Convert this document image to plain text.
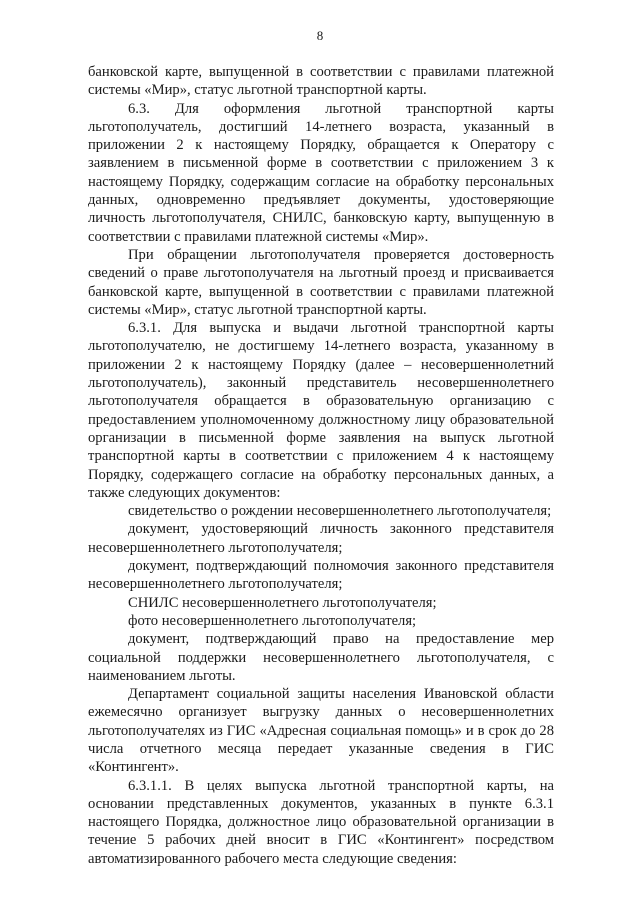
8

банковской карте, выпущенной в соответствии с правилами платежной системы «Мир», статус льготной транспортной карты.

6.3. Для оформления льготной транспортной карты льготополучатель, достигший 14-летнего возраста, указанный в приложении 2 к настоящему Порядку, обращается к Оператору с заявлением в письменной форме в соответствии с приложением 3 к настоящему Порядку, содержащим согласие на обработку персональных данных, одновременно предъявляет документы, удостоверяющие личность льготополучателя, СНИЛС, банковскую карту, выпущенную в соответствии с правилами платежной системы «Мир».

При обращении льготополучателя проверяется достоверность сведений о праве льготополучателя на льготный проезд и присваивается банковской карте, выпущенной в соответствии с правилами платежной системы «Мир», статус льготной транспортной карты.

6.3.1. Для выпуска и выдачи льготной транспортной карты льготополучателю, не достигшему 14-летнего возраста, указанному в приложении 2 к настоящему Порядку (далее – несовершеннолетний льготополучатель), законный представитель несовершеннолетнего льготополучателя обращается в образовательную организацию с предоставлением уполномоченному должностному лицу образовательной организации в письменной форме заявления на выпуск льготной транспортной карты в соответствии с приложением 4 к настоящему Порядку, содержащего согласие на обработку персональных данных, а также следующих документов:

свидетельство о рождении несовершеннолетнего льготополучателя;

документ, удостоверяющий личность законного представителя несовершеннолетнего льготополучателя;

документ, подтверждающий полномочия законного представителя несовершеннолетнего льготополучателя;

СНИЛС несовершеннолетнего льготополучателя;

фото несовершеннолетнего льготополучателя;

документ, подтверждающий право на предоставление мер социальной поддержки несовершеннолетнего льготополучателя, с наименованием льготы.

Департамент социальной защиты населения Ивановской области ежемесячно организует выгрузку данных о несовершеннолетних льготополучателях из ГИС «Адресная социальная помощь» и в срок до 28 числа отчетного месяца передает указанные сведения в ГИС «Контингент».

6.3.1.1. В целях выпуска льготной транспортной карты, на основании представленных документов, указанных в пункте 6.3.1 настоящего Порядка, должностное лицо образовательной организации в течение 5 рабочих дней вносит в ГИС «Контингент» посредством автоматизированного рабочего места следующие сведения:
